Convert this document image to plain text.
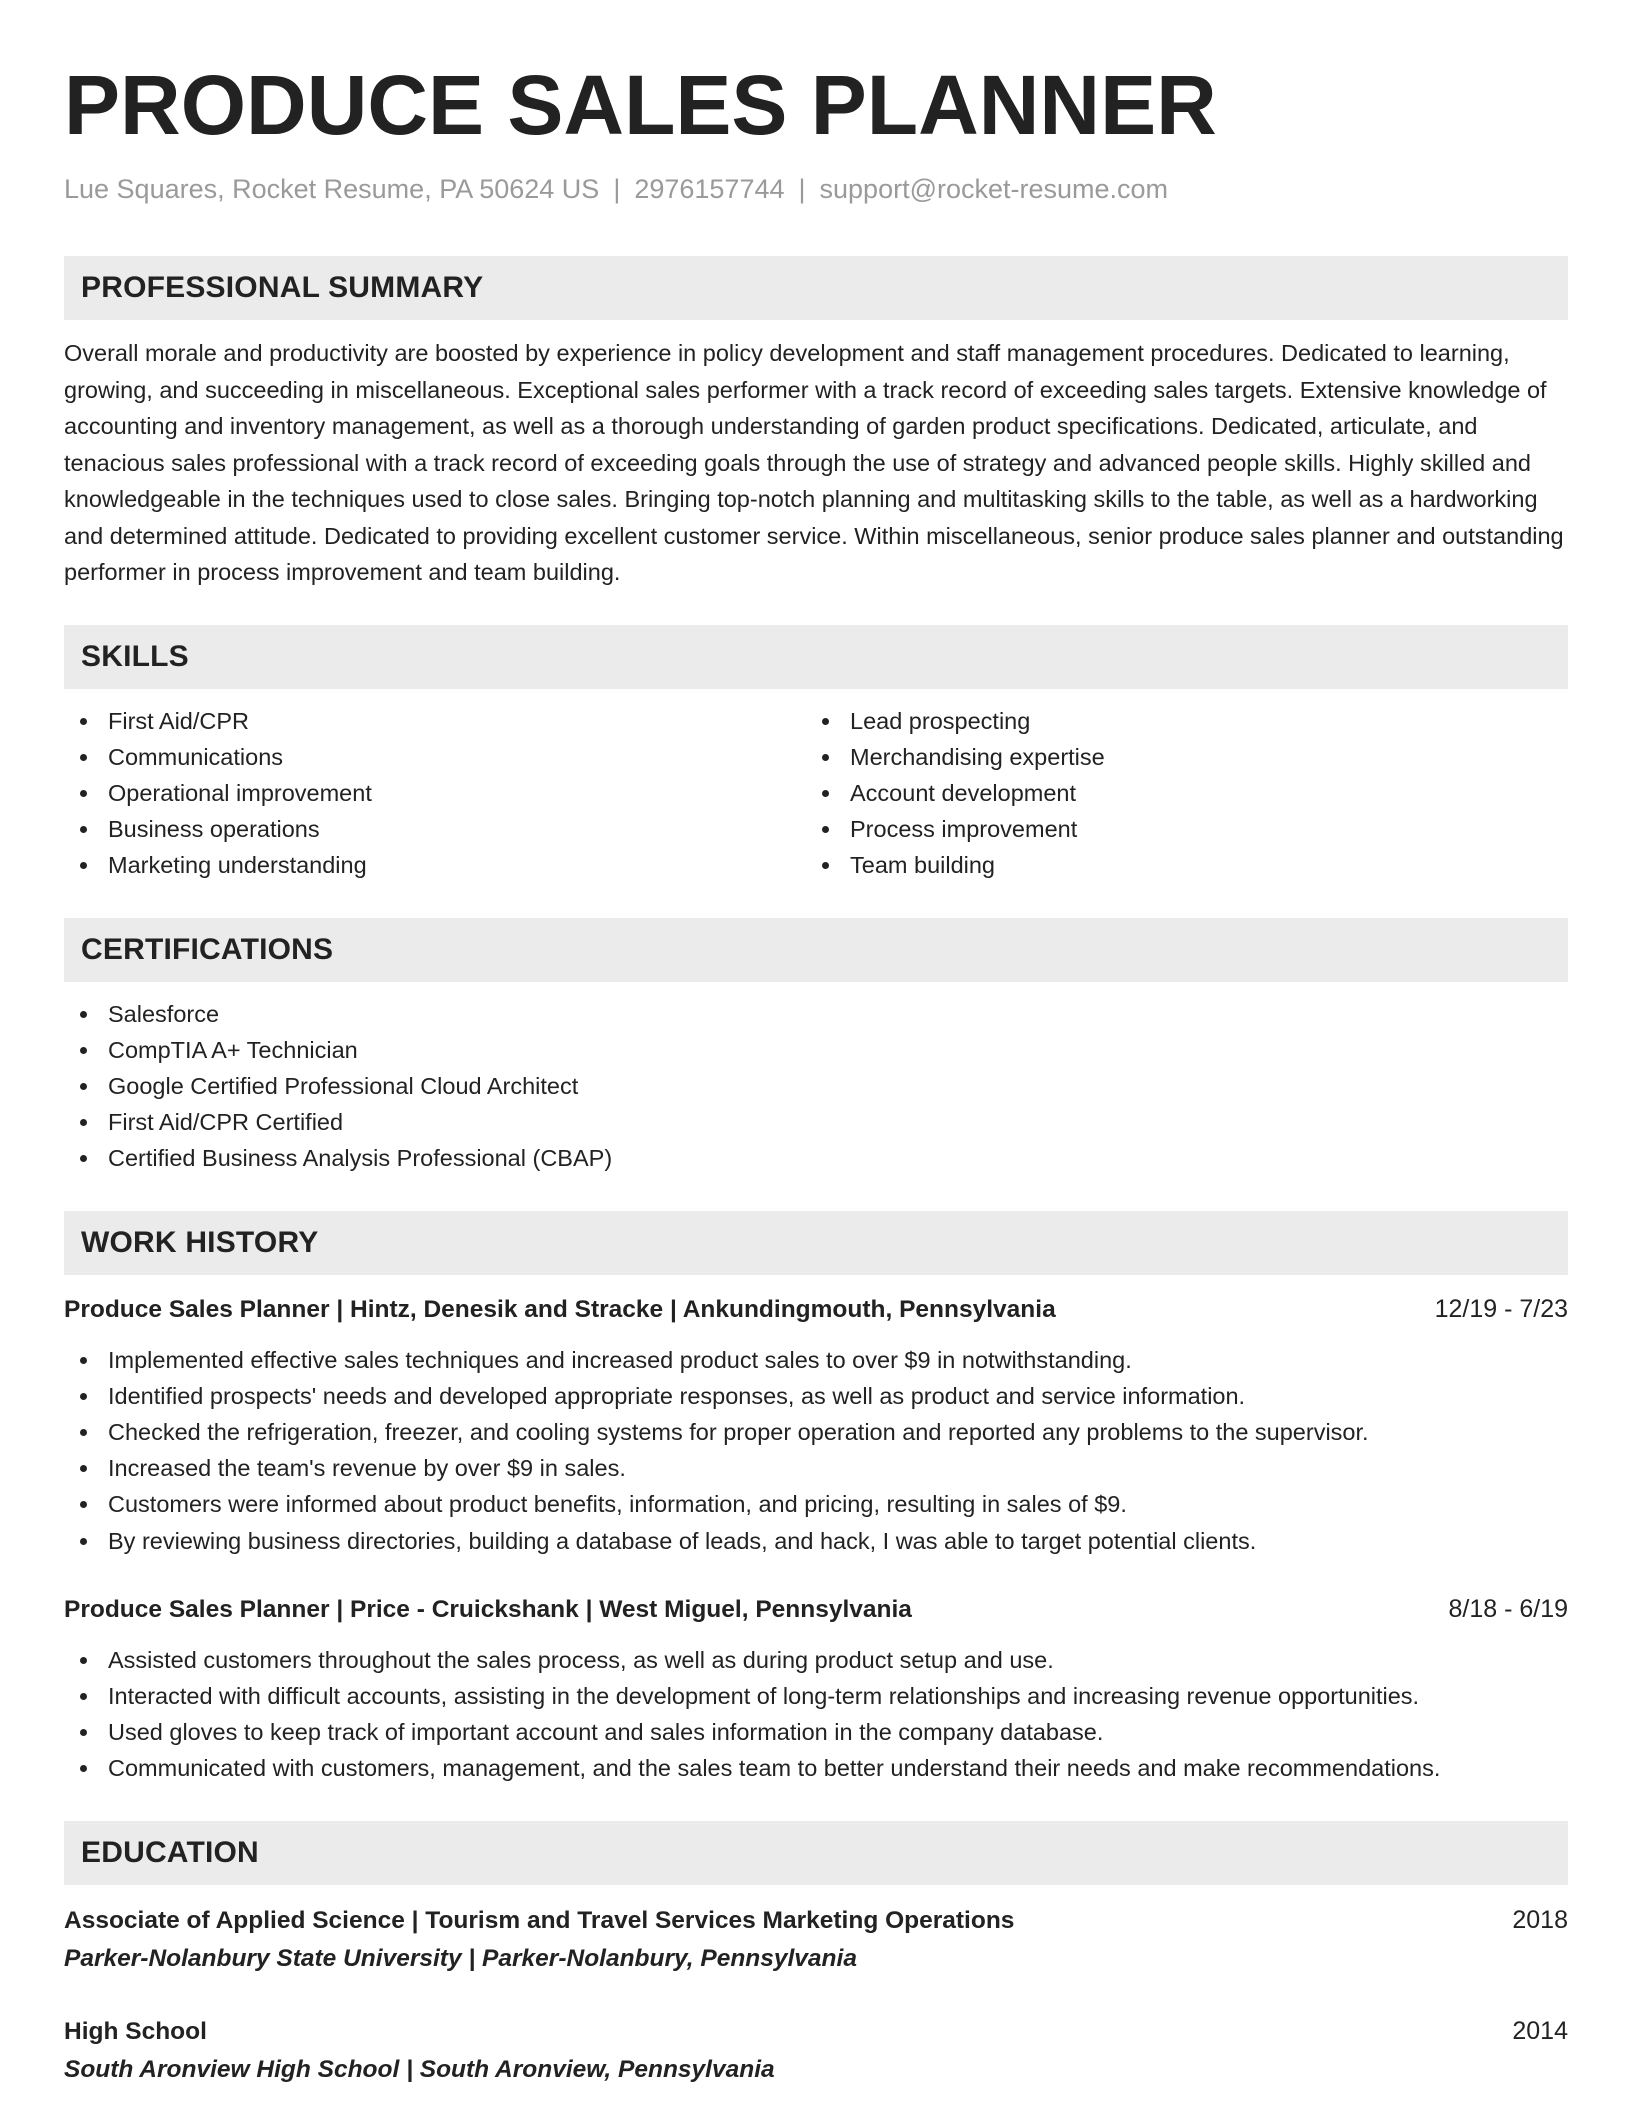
PRODUCE SALES PLANNER
Lue Squares, Rocket Resume, PA 50624 US | 2976157744 | support@rocket-resume.com
PROFESSIONAL SUMMARY
Overall morale and productivity are boosted by experience in policy development and staff management procedures. Dedicated to learning, growing, and succeeding in miscellaneous. Exceptional sales performer with a track record of exceeding sales targets. Extensive knowledge of accounting and inventory management, as well as a thorough understanding of garden product specifications. Dedicated, articulate, and tenacious sales professional with a track record of exceeding goals through the use of strategy and advanced people skills. Highly skilled and knowledgeable in the techniques used to close sales. Bringing top-notch planning and multitasking skills to the table, as well as a hardworking and determined attitude. Dedicated to providing excellent customer service. Within miscellaneous, senior produce sales planner and outstanding performer in process improvement and team building.
SKILLS
First Aid/CPR
Communications
Operational improvement
Business operations
Marketing understanding
Lead prospecting
Merchandising expertise
Account development
Process improvement
Team building
CERTIFICATIONS
Salesforce
CompTIA A+ Technician
Google Certified Professional Cloud Architect
First Aid/CPR Certified
Certified Business Analysis Professional (CBAP)
WORK HISTORY
Produce Sales Planner | Hintz, Denesik and Stracke | Ankundingmouth, Pennsylvania	12/19 - 7/23
Implemented effective sales techniques and increased product sales to over $9 in notwithstanding.
Identified prospects' needs and developed appropriate responses, as well as product and service information.
Checked the refrigeration, freezer, and cooling systems for proper operation and reported any problems to the supervisor.
Increased the team's revenue by over $9 in sales.
Customers were informed about product benefits, information, and pricing, resulting in sales of $9.
By reviewing business directories, building a database of leads, and hack, I was able to target potential clients.
Produce Sales Planner | Price - Cruickshank | West Miguel, Pennsylvania	8/18 - 6/19
Assisted customers throughout the sales process, as well as during product setup and use.
Interacted with difficult accounts, assisting in the development of long-term relationships and increasing revenue opportunities.
Used gloves to keep track of important account and sales information in the company database.
Communicated with customers, management, and the sales team to better understand their needs and make recommendations.
EDUCATION
Associate of Applied Science | Tourism and Travel Services Marketing Operations	2018
Parker-Nolanbury State University | Parker-Nolanbury, Pennsylvania
High School	2014
South Aronview High School | South Aronview, Pennsylvania
